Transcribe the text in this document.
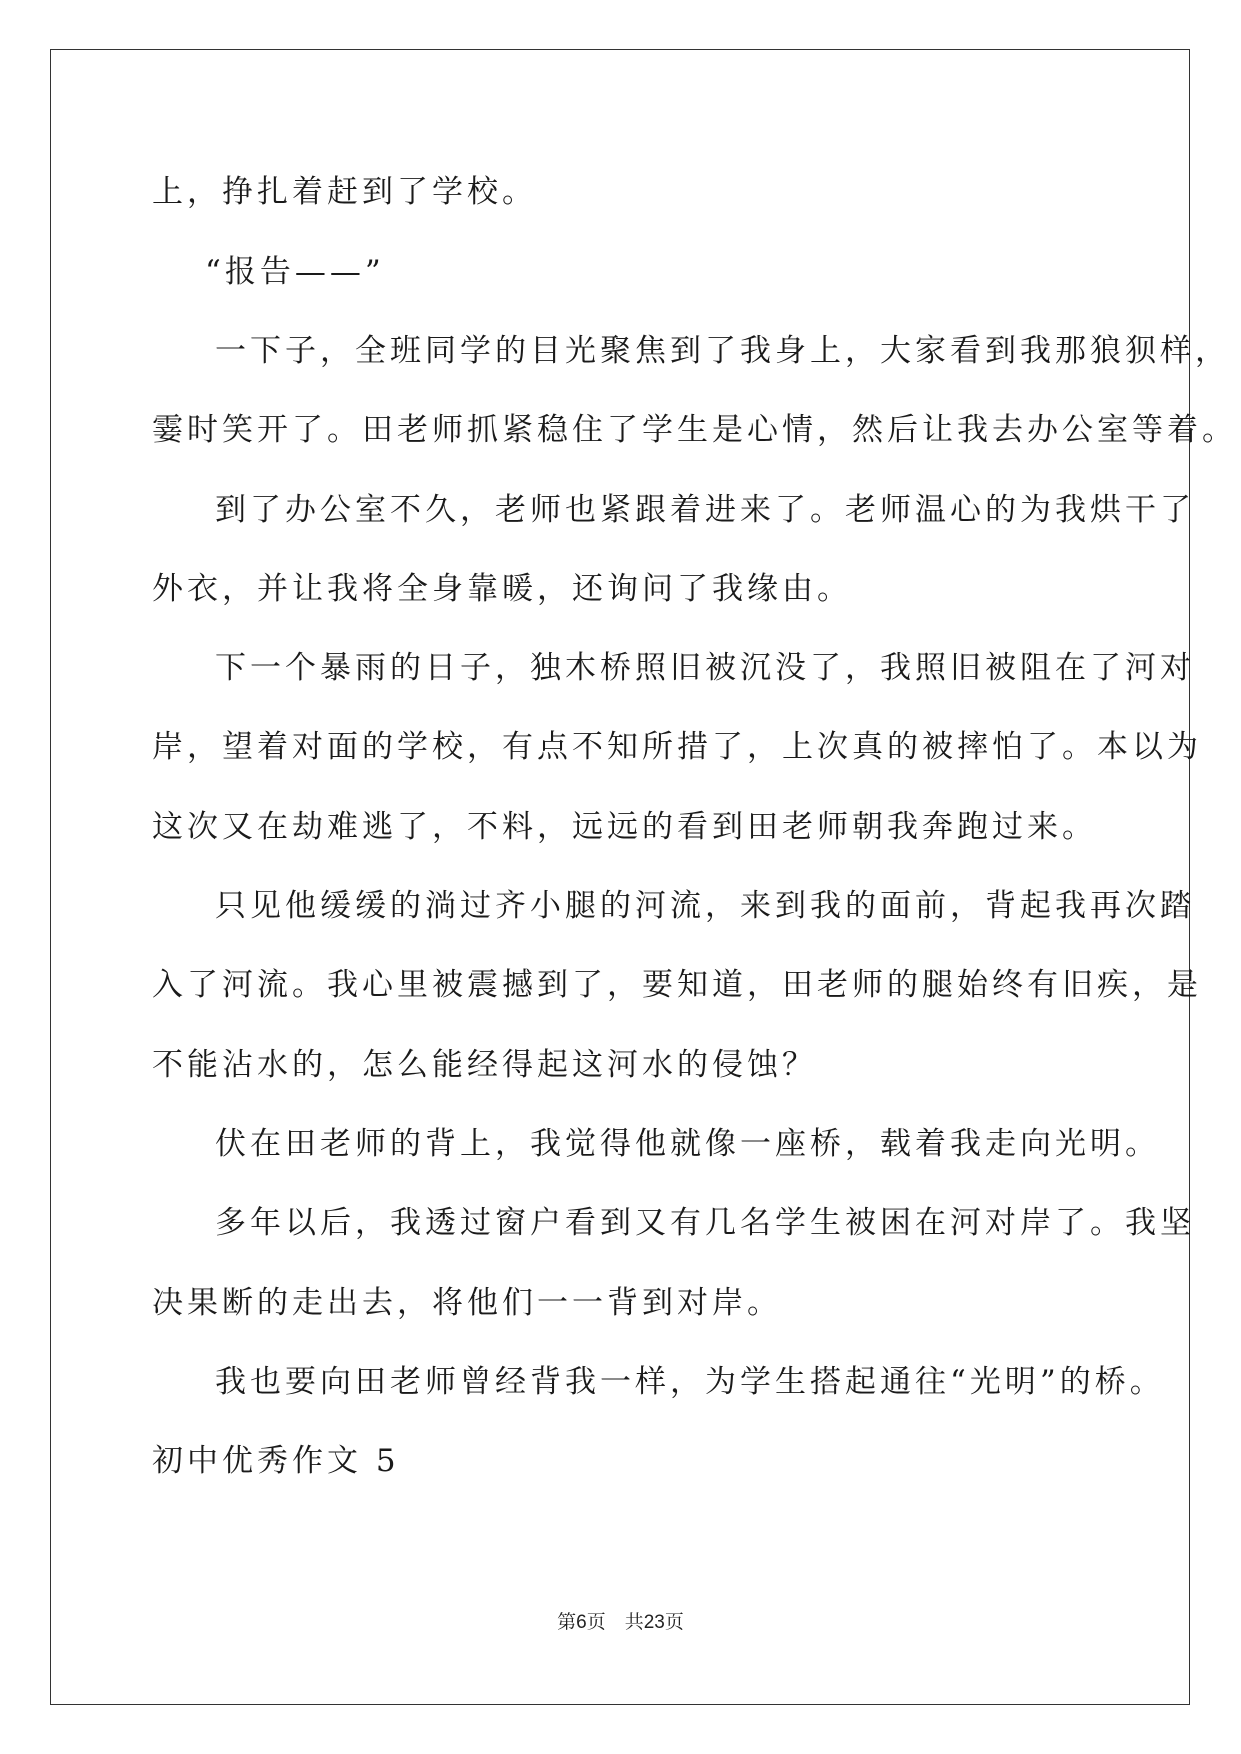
上，挣扎着赶到了学校。
“报告——”
一下子，全班同学的目光聚焦到了我身上，大家看到我那狼狈样，
霎时笑开了。田老师抓紧稳住了学生是心情，然后让我去办公室等着。
到了办公室不久，老师也紧跟着进来了。老师温心的为我烘干了
外衣，并让我将全身靠暖，还询问了我缘由。
下一个暴雨的日子，独木桥照旧被沉没了，我照旧被阻在了河对
岸，望着对面的学校，有点不知所措了，上次真的被摔怕了。本以为
这次又在劫难逃了，不料，远远的看到田老师朝我奔跑过来。
只见他缓缓的淌过齐小腿的河流，来到我的面前，背起我再次踏
入了河流。我心里被震撼到了，要知道，田老师的腿始终有旧疾，是
不能沾水的，怎么能经得起这河水的侵蚀？
伏在田老师的背上，我觉得他就像一座桥，载着我走向光明。
多年以后，我透过窗户看到又有几名学生被困在河对岸了。我坚
决果断的走出去，将他们一一背到对岸。
我也要向田老师曾经背我一样，为学生搭起通往“光明”的桥。
初中优秀作文 5
第6页 共23页
